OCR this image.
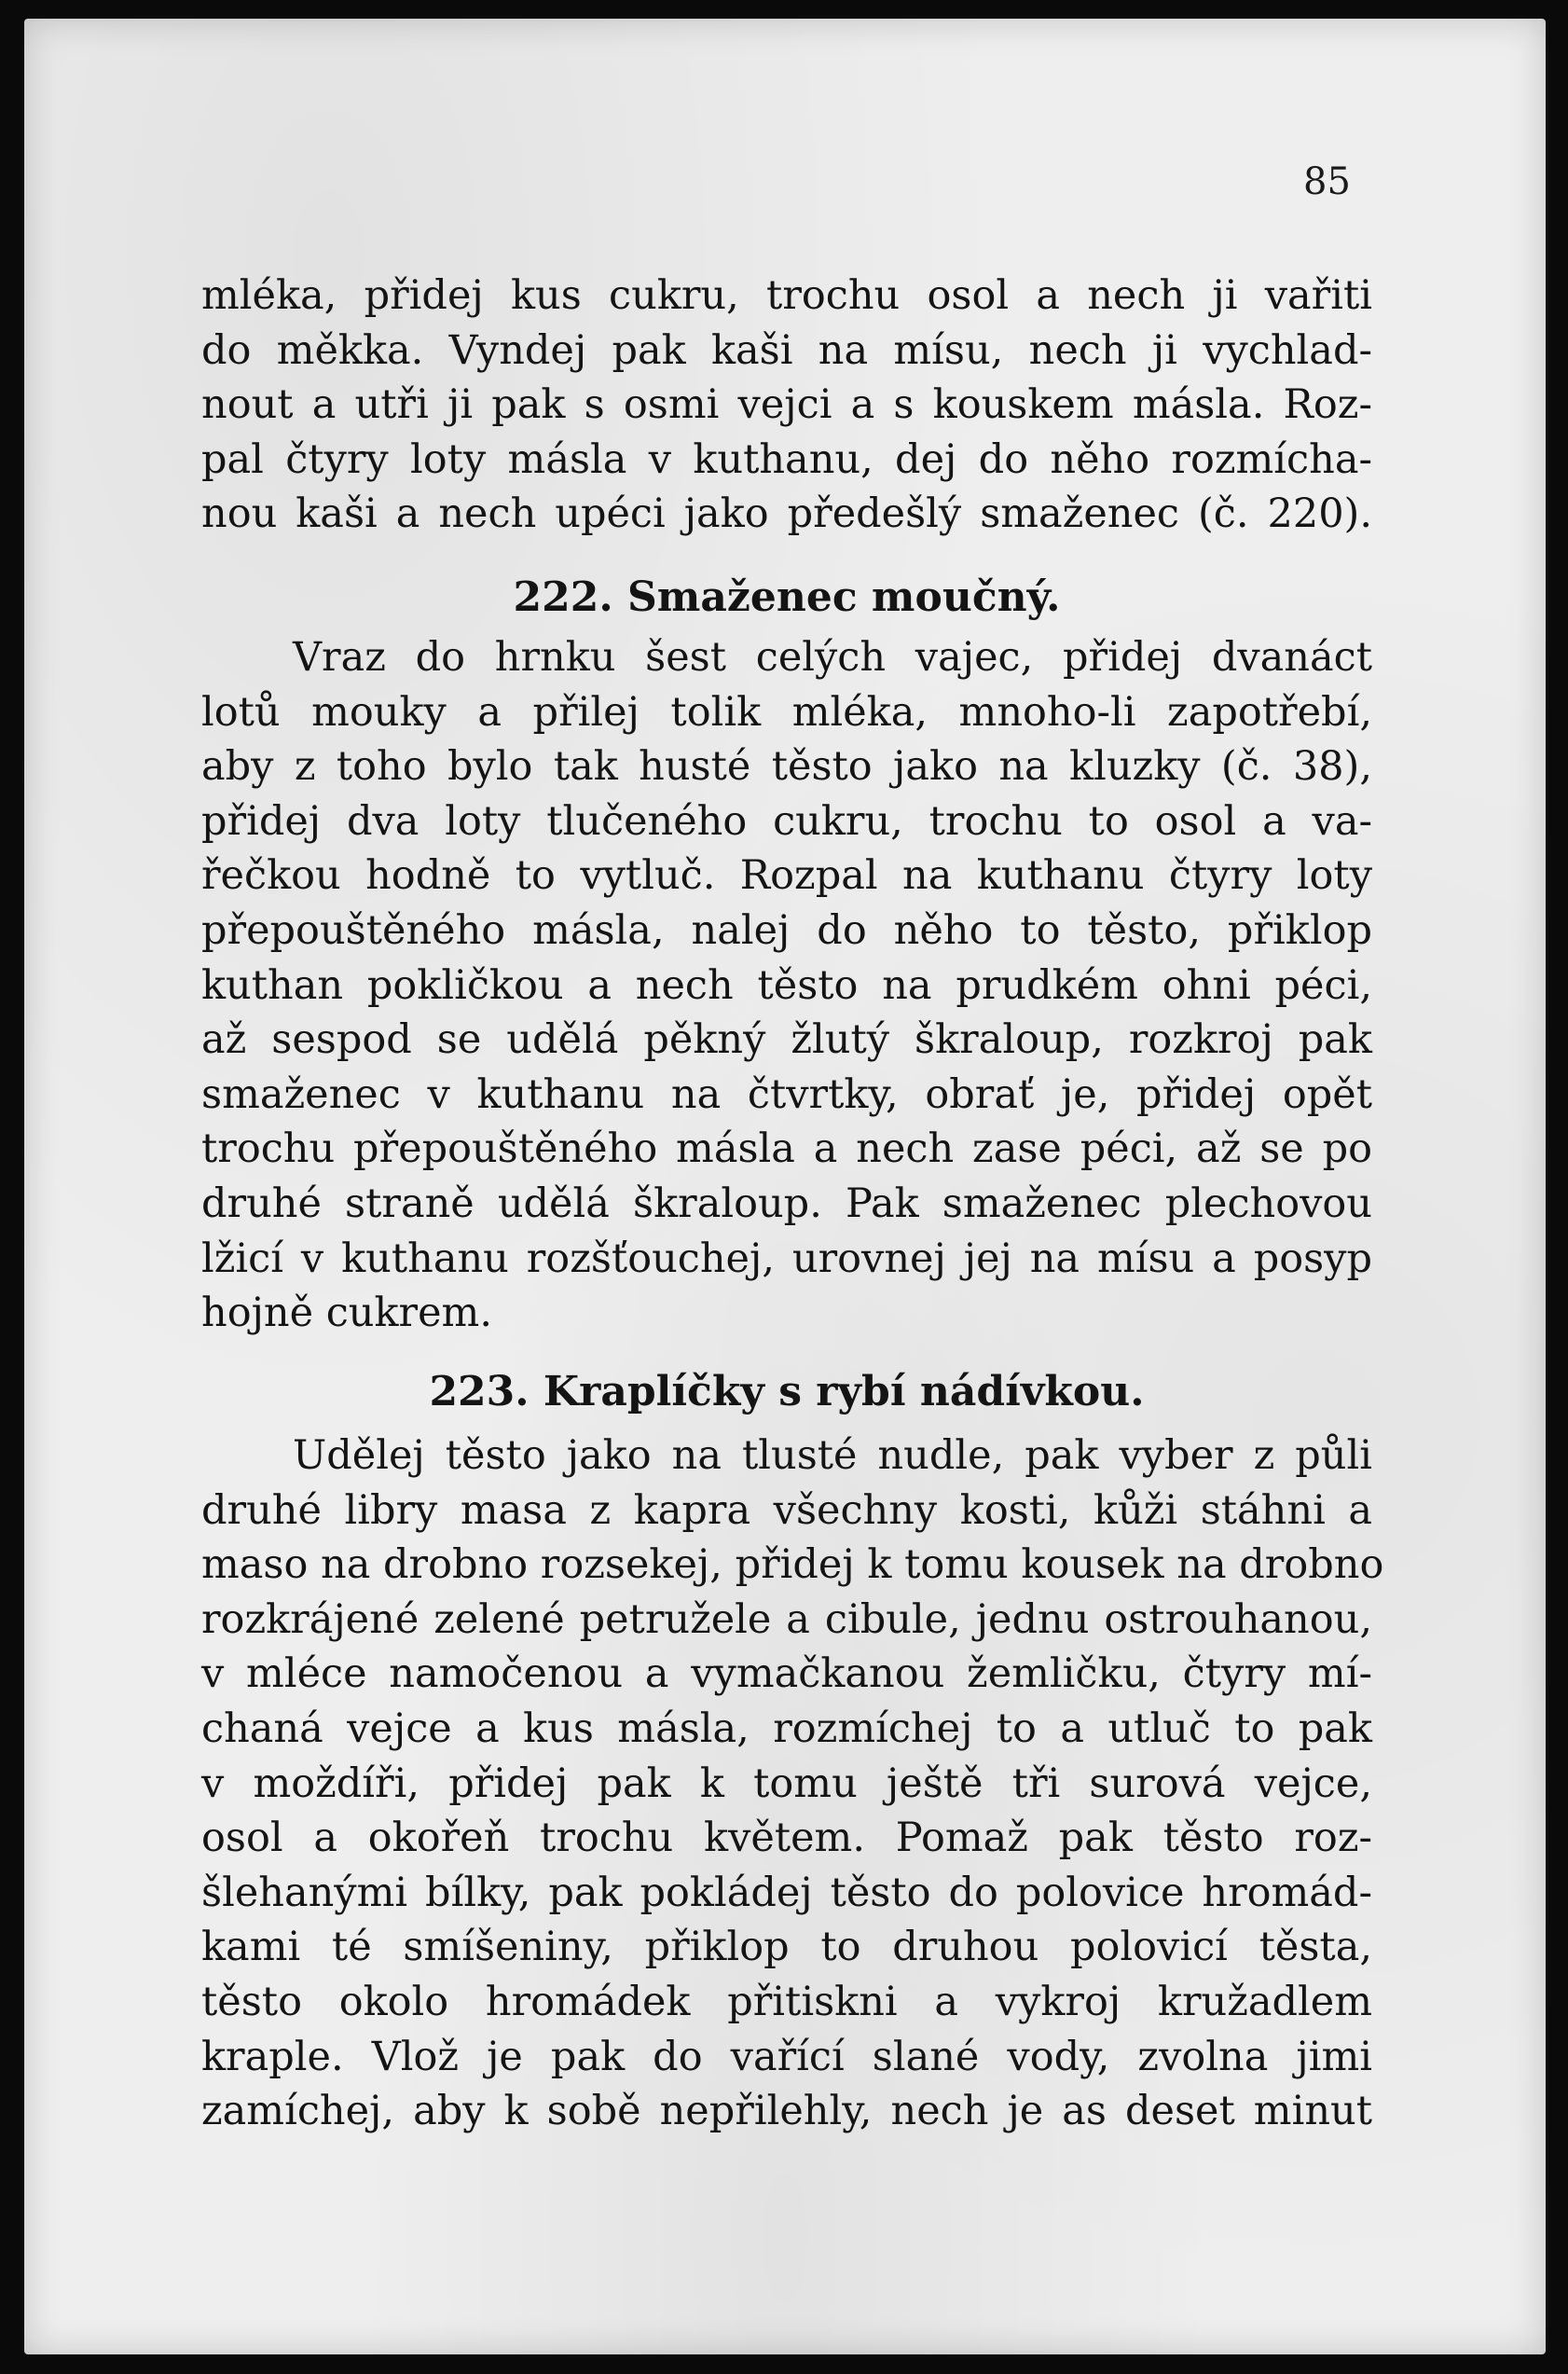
85
mléka, přidej kus cukru, trochu osol a nech ji vařiti
do měkka. Vyndej pak kaši na mísu, nech ji vychlad-
nout a utři ji pak s osmi vejci a s kouskem másla. Roz-
pal čtyry loty másla v kuthanu, dej do něho rozmícha-
nou kaši a nech upéci jako předešlý smaženec (č. 220).
222. Smaženec moučný.
Vraz do hrnku šest celých vajec, přidej dvanáct
lotů mouky a přilej tolik mléka, mnoho-li zapotřebí,
aby z toho bylo tak husté těsto jako na kluzky (č. 38),
přidej dva loty tlučeného cukru, trochu to osol a va-
řečkou hodně to vytluč. Rozpal na kuthanu čtyry loty
přepouštěného másla, nalej do něho to těsto, přiklop
kuthan pokličkou a nech těsto na prudkém ohni péci,
až sespod se udělá pěkný žlutý škraloup, rozkroj pak
smaženec v kuthanu na čtvrtky, obrať je, přidej opět
trochu přepouštěného másla a nech zase péci, až se po
druhé straně udělá škraloup. Pak smaženec plechovou
lžicí v kuthanu rozšťouchej, urovnej jej na mísu a posyp
hojně cukrem.
223. Kraplíčky s rybí nádívkou.
Udělej těsto jako na tlusté nudle, pak vyber z půli
druhé libry masa z kapra všechny kosti, kůži stáhni a
maso na drobno rozsekej, přidej k tomu kousek na drobno
rozkrájené zelené petružele a cibule, jednu ostrouhanou,
v mléce namočenou a vymačkanou žemličku, čtyry mí-
chaná vejce a kus másla, rozmíchej to a utluč to pak
v moždíři, přidej pak k tomu ještě tři surová vejce,
osol a okořeň trochu květem. Pomaž pak těsto roz-
šlehanými bílky, pak pokládej těsto do polovice hromád-
kami té smíšeniny, přiklop to druhou polovicí těsta,
těsto okolo hromádek přitiskni a vykroj kružadlem
kraple. Vlož je pak do vařící slané vody, zvolna jimi
zamíchej, aby k sobě nepřilehly, nech je as deset minut
